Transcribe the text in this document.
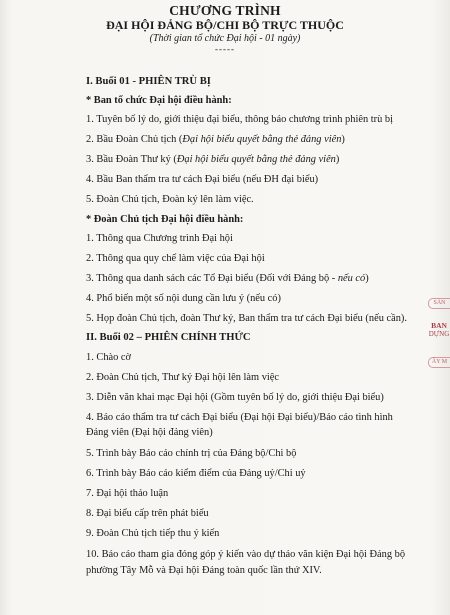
CHƯƠNG TRÌNH
ĐẠI HỘI ĐẢNG BỘ/CHI BỘ TRỰC THUỘC
(Thời gian tổ chức Đại hội - 01 ngày)
-----
I. Buổi 01 - PHIÊN TRÙ BỊ
* Ban tổ chức Đại hội điều hành:
1. Tuyên bố lý do, giới thiệu đại biểu, thông báo chương trình phiên trù bị
2. Bầu Đoàn Chủ tịch (Đại hội biểu quyết bằng thẻ đảng viên)
3. Bầu Đoàn Thư ký (Đại hội biểu quyết bằng thẻ đảng viên)
4. Bầu Ban thẩm tra tư cách Đại biểu (nếu ĐH đại biểu)
5. Đoàn Chủ tịch, Đoàn ký lên làm việc.
* Đoàn Chủ tịch Đại hội điều hành:
1. Thông qua Chương trình Đại hội
2. Thông qua quy chế làm việc của Đại hội
3. Thông qua danh sách các Tổ Đại biểu (Đối với Đảng bộ - nếu có)
4. Phổ biến một số nội dung cần lưu ý (nếu có)
5. Họp đoàn Chủ tịch, đoàn Thư ký, Ban thẩm tra tư cách Đại biểu (nếu cần).
II. Buổi 02 – PHIÊN CHÍNH THỨC
1. Chào cờ
2. Đoàn Chủ tịch, Thư ký Đại hội lên làm việc
3. Diễn văn khai mạc Đại hội (Gồm tuyên bố lý do, giới thiệu Đại biểu)
4. Báo cáo thẩm tra tư cách Đại biểu (Đại hội Đại biểu)/Báo cáo tình hình
Đảng viên (Đại hội đảng viên)
5. Trình bày Báo cáo chính trị của Đảng bộ/Chi bộ
6. Trình bày Báo cáo kiểm điểm của Đảng uỷ/Chi uỷ
7. Đại hội thảo luận
8. Đại biểu cấp trên phát biểu
9. Đoàn Chủ tịch tiếp thu ý kiến
10. Báo cáo tham gia đóng góp ý kiến vào dự thảo văn kiện Đại hội Đảng bộ
phường Tây Mỗ và Đại hội Đảng toàn quốc lần thứ XIV.
SẢN
BAN
DỰNG
ÂY M
